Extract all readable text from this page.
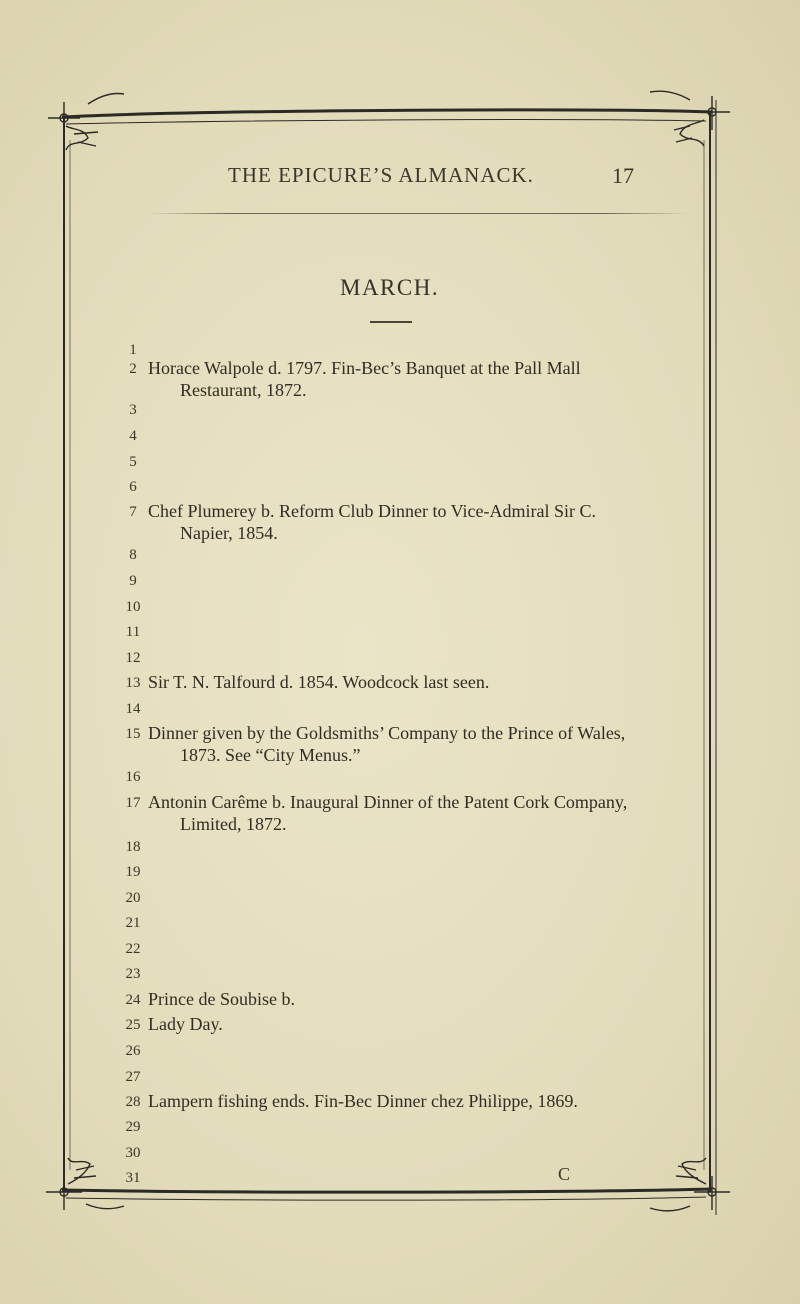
THE EPICURE’S ALMANACK.	17
MARCH.
1
2 Horace Walpole d. 1797. Fin-Bec’s Banquet at the Pall Mall
Restaurant, 1872.
3
4
5
6
7 Chef Plumerey b. Reform Club Dinner to Vice-Admiral Sir C.
Napier, 1854.
8
9
10
11
12
13 Sir T. N. Talfourd d. 1854. Woodcock last seen.
14
15 Dinner given by the Goldsmiths’ Company to the Prince of Wales,
1873. See “City Menus.”
16
17 Antonin Carême b. Inaugural Dinner of the Patent Cork Company,
Limited, 1872.
18
19
20
21
22
23
24 Prince de Soubise b.
25 Lady Day.
26
27
28 Lampern fishing ends. Fin-Bec Dinner chez Philippe, 1869.
29
30
31	C
